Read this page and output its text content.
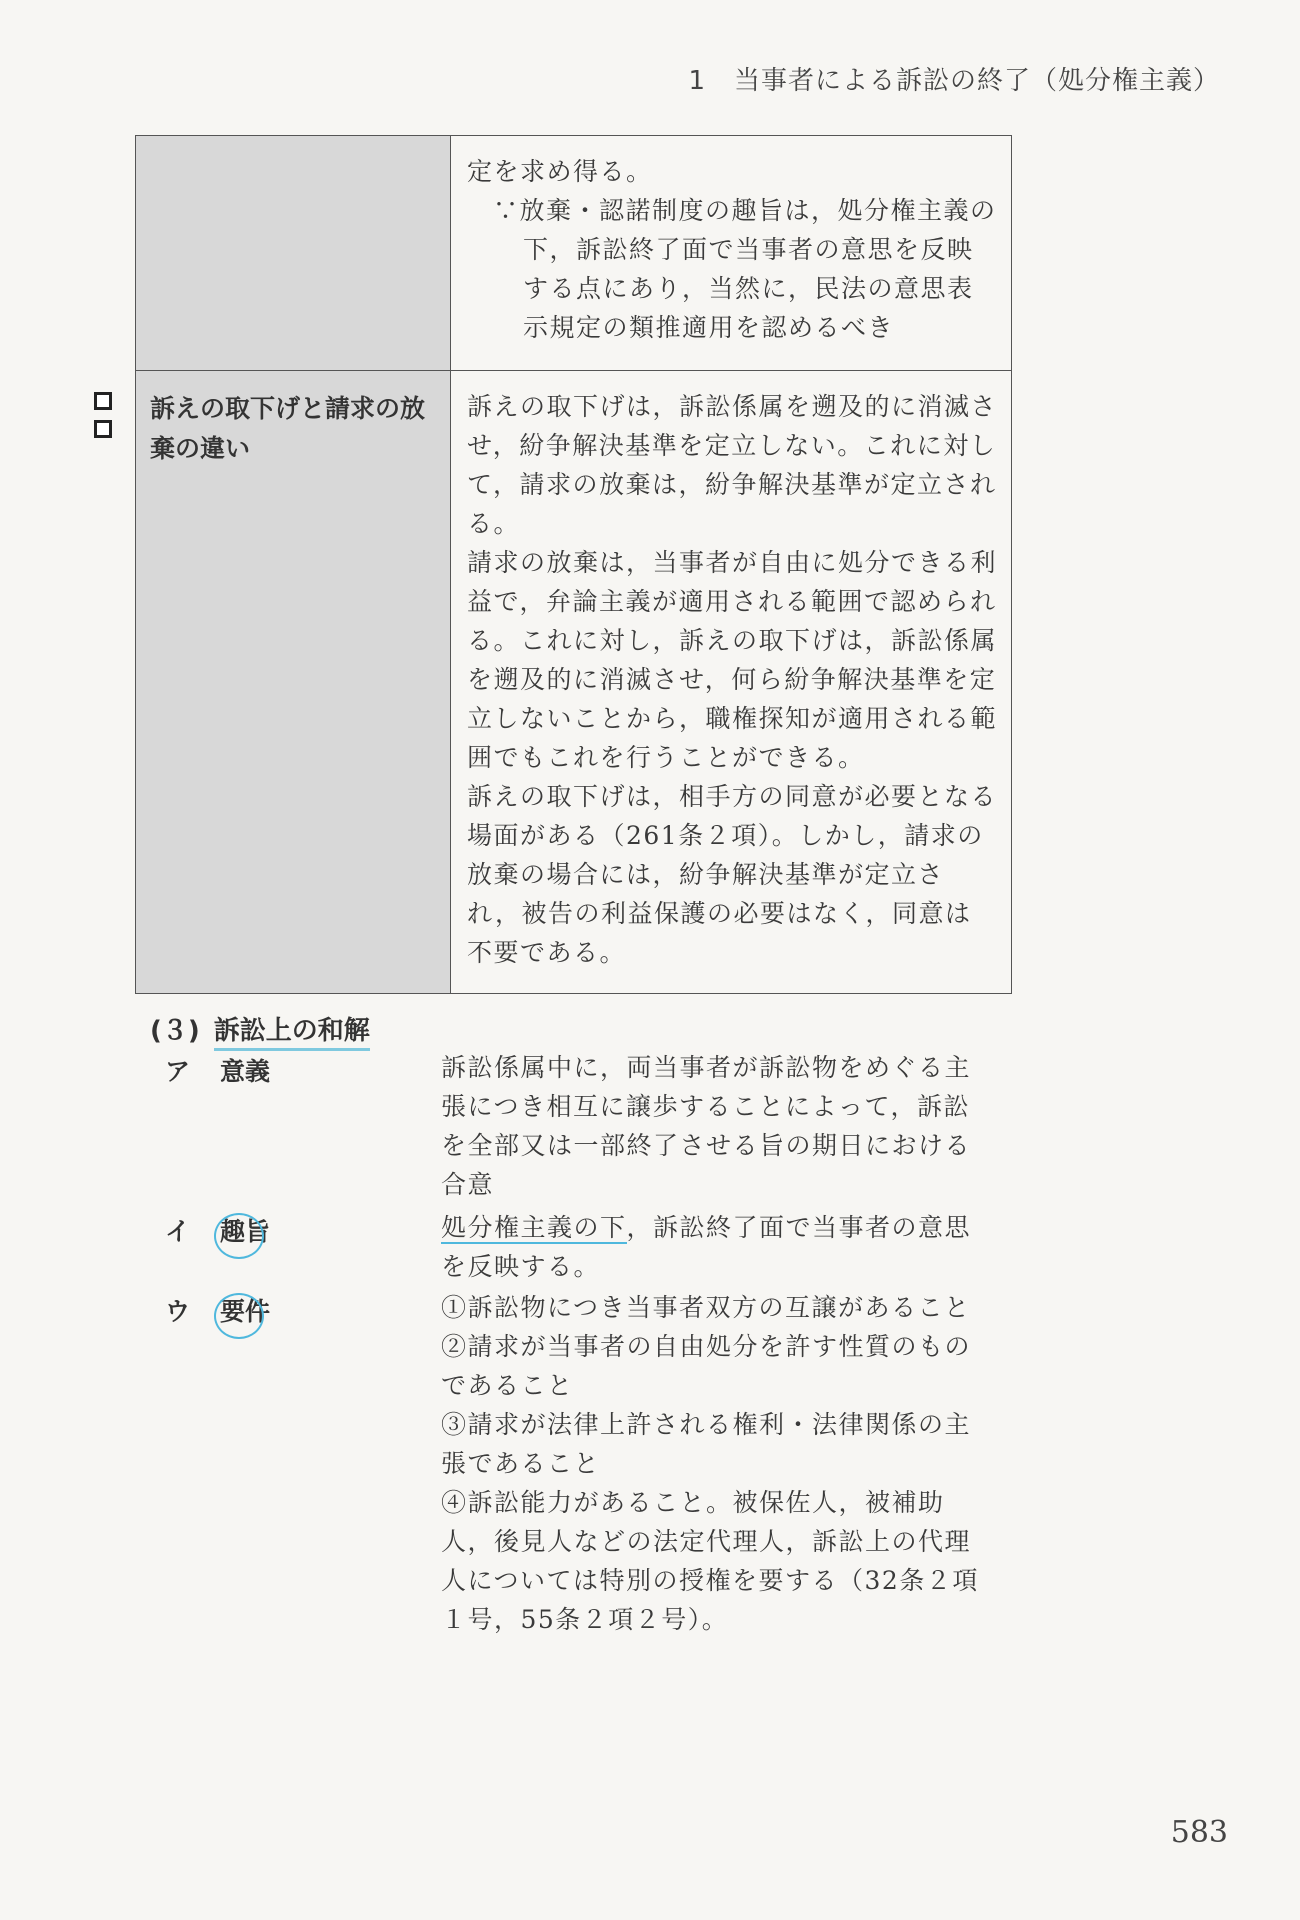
1 当事者による訴訟の終了（処分権主義）

	定を求め得る。

∵放棄・認諾制度の趣旨は，処分権主義の下，訴訟終了面で当事者の意思を反映する点にあり，当然に，民法の意思表示規定の類推適用を認めるべき

訴えの取下げと請求の放棄の違い	訴えの取下げは，訴訟係属を遡及的に消滅させ，紛争解決基準を定立しない。これに対して，請求の放棄は，紛争解決基準が定立される。

請求の放棄は，当事者が自由に処分できる利益で，弁論主義が適用される範囲で認められる。これに対し，訴えの取下げは，訴訟係属を遡及的に消滅させ，何ら紛争解決基準を定立しないことから，職権探知が適用される範囲でもこれを行うことができる。

訴えの取下げは，相手方の同意が必要となる場面がある（261条２項）。しかし，請求の放棄の場合には，紛争解決基準が定立され，被告の利益保護の必要はなく，同意は不要である。

(３) 訴訟上の和解
ア 意義	訴訟係属中に，両当事者が訴訟物をめぐる主張につき相互に譲歩することによって，訴訟を全部又は一部終了させる旨の期日における合意
イ 趣旨	処分権主義の下，訴訟終了面で当事者の意思を反映する。
ウ 要件	①訴訟物につき当事者双方の互譲があること

②請求が当事者の自由処分を許す性質のものであること

③請求が法律上許される権利・法律関係の主張であること

④訴訟能力があること。被保佐人，被補助人，後見人などの法定代理人，訴訟上の代理人については特別の授権を要する（32条２項１号，55条２項２号）。

583
